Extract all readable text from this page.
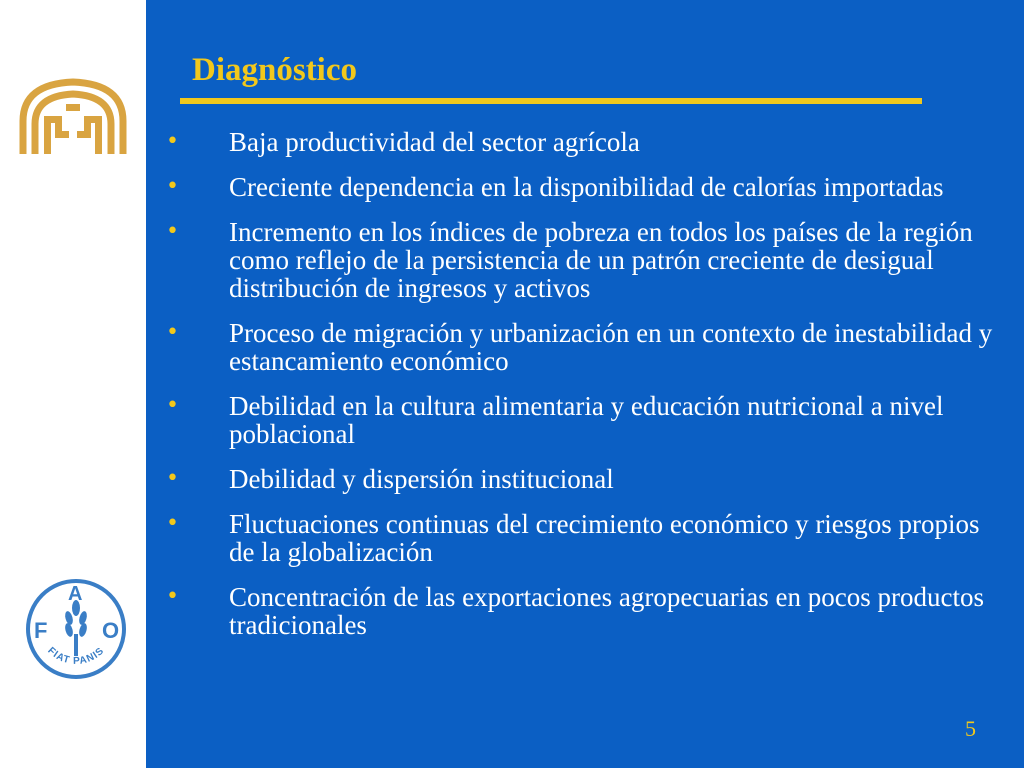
F
A
O
FIAT PANIS
Diagnóstico
• Baja productividad del sector agrícola
• Creciente dependencia en la disponibilidad de calorías importadas
• Incremento en los índices de pobreza en todos los países de la región como reflejo de la persistencia de un patrón creciente de desigual distribución de ingresos y activos
• Proceso de migración y urbanización en un contexto de inestabilidad y estancamiento económico
• Debilidad en la cultura alimentaria y educación nutricional a nivel poblacional
• Debilidad y dispersión institucional
• Fluctuaciones continuas del crecimiento económico y riesgos propios de la globalización
• Concentración de las exportaciones agropecuarias en pocos productos tradicionales
5
